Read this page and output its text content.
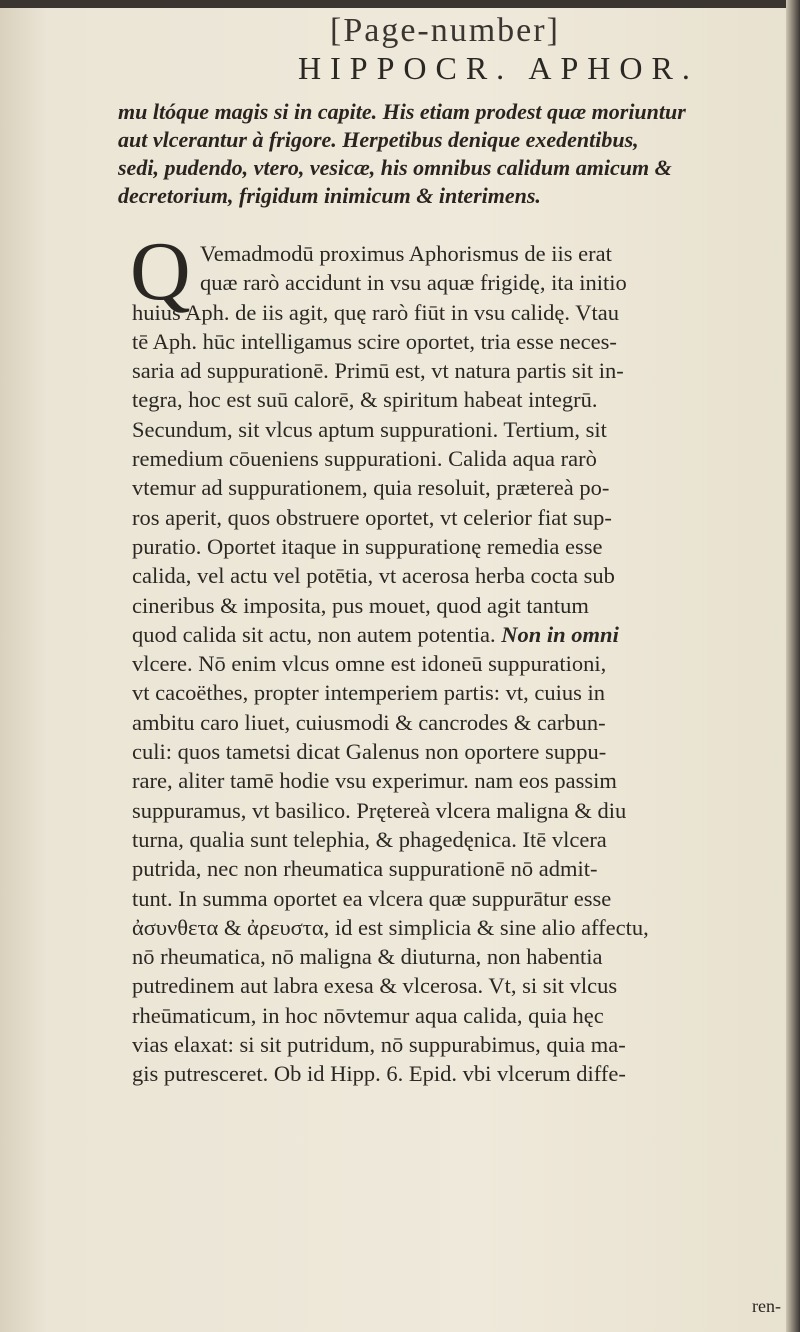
[Page-number]
HIPPOCR. APHOR.
mu ltóque magis si in capite. His etiam prodest quæ moriuntur
aut vlcerantur à frigore. Herpetibus denique exedentibus,
sedi, pudendo, vtero, vesicæ, his omnibus calidum amicum &
decretorium, frigidum inimicum & interimens.
Q Vemadmodū proximus Aphorismus de iis erat
quæ rarò accidunt in vsu aquæ frigidę, ita initio
huius Aph. de iis agit, quę rarò fiūt in vsu calidę. Vtau
tē Aph. hūc intelligamus scire oportet, tria esse neces-
saria ad suppurationē. Primū est, vt natura partis sit in-
tegra, hoc est suū calorē, & spiritum habeat integrū.
Secundum, sit vlcus aptum suppurationi. Tertium, sit
remedium cōueniens suppurationi. Calida aqua rarò
vtemur ad suppurationem, quia resoluit, prætereà po-
ros aperit, quos obstruere oportet, vt celerior fiat sup-
puratio. Oportet itaque in suppurationę remedia esse
calida, vel actu vel potētia, vt acerosa herba cocta sub
cineribus & imposita, pus mouet, quod agit tantum
quod calida sit actu, non autem potentia. Non in omni
vlcere. Nō enim vlcus omne est idoneū suppurationi,
vt cacoëthes, propter intemperiem partis: vt, cuius in
ambitu caro liuet, cuiusmodi & cancrodes & carbun-
culi: quos tametsi dicat Galenus non oportere suppu-
rare, aliter tamē hodie vsu experimur. nam eos passim
suppuramus, vt basilico. Prętereà vlcera maligna & diu
turna, qualia sunt telephia, & phagedęnica. Itē vlcera
putrida, nec non rheumatica suppurationē nō admit-
tunt. In summa oportet ea vlcera quæ suppurātur esse
ἀσυνθετα & ἀρευστα, id est simplicia & sine alio affectu,
nō rheumatica, nō maligna & diuturna, non habentia
putredinem aut labra exesa & vlcerosa. Vt, si sit vlcus
rheūmaticum, in hoc nōvtemur aqua calida, quia hęc
vias elaxat: si sit putridum, nō suppurabimus, quia ma-
gis putresceret. Ob id Hipp. 6. Epid. vbi vlcerum diffe-
ren-
